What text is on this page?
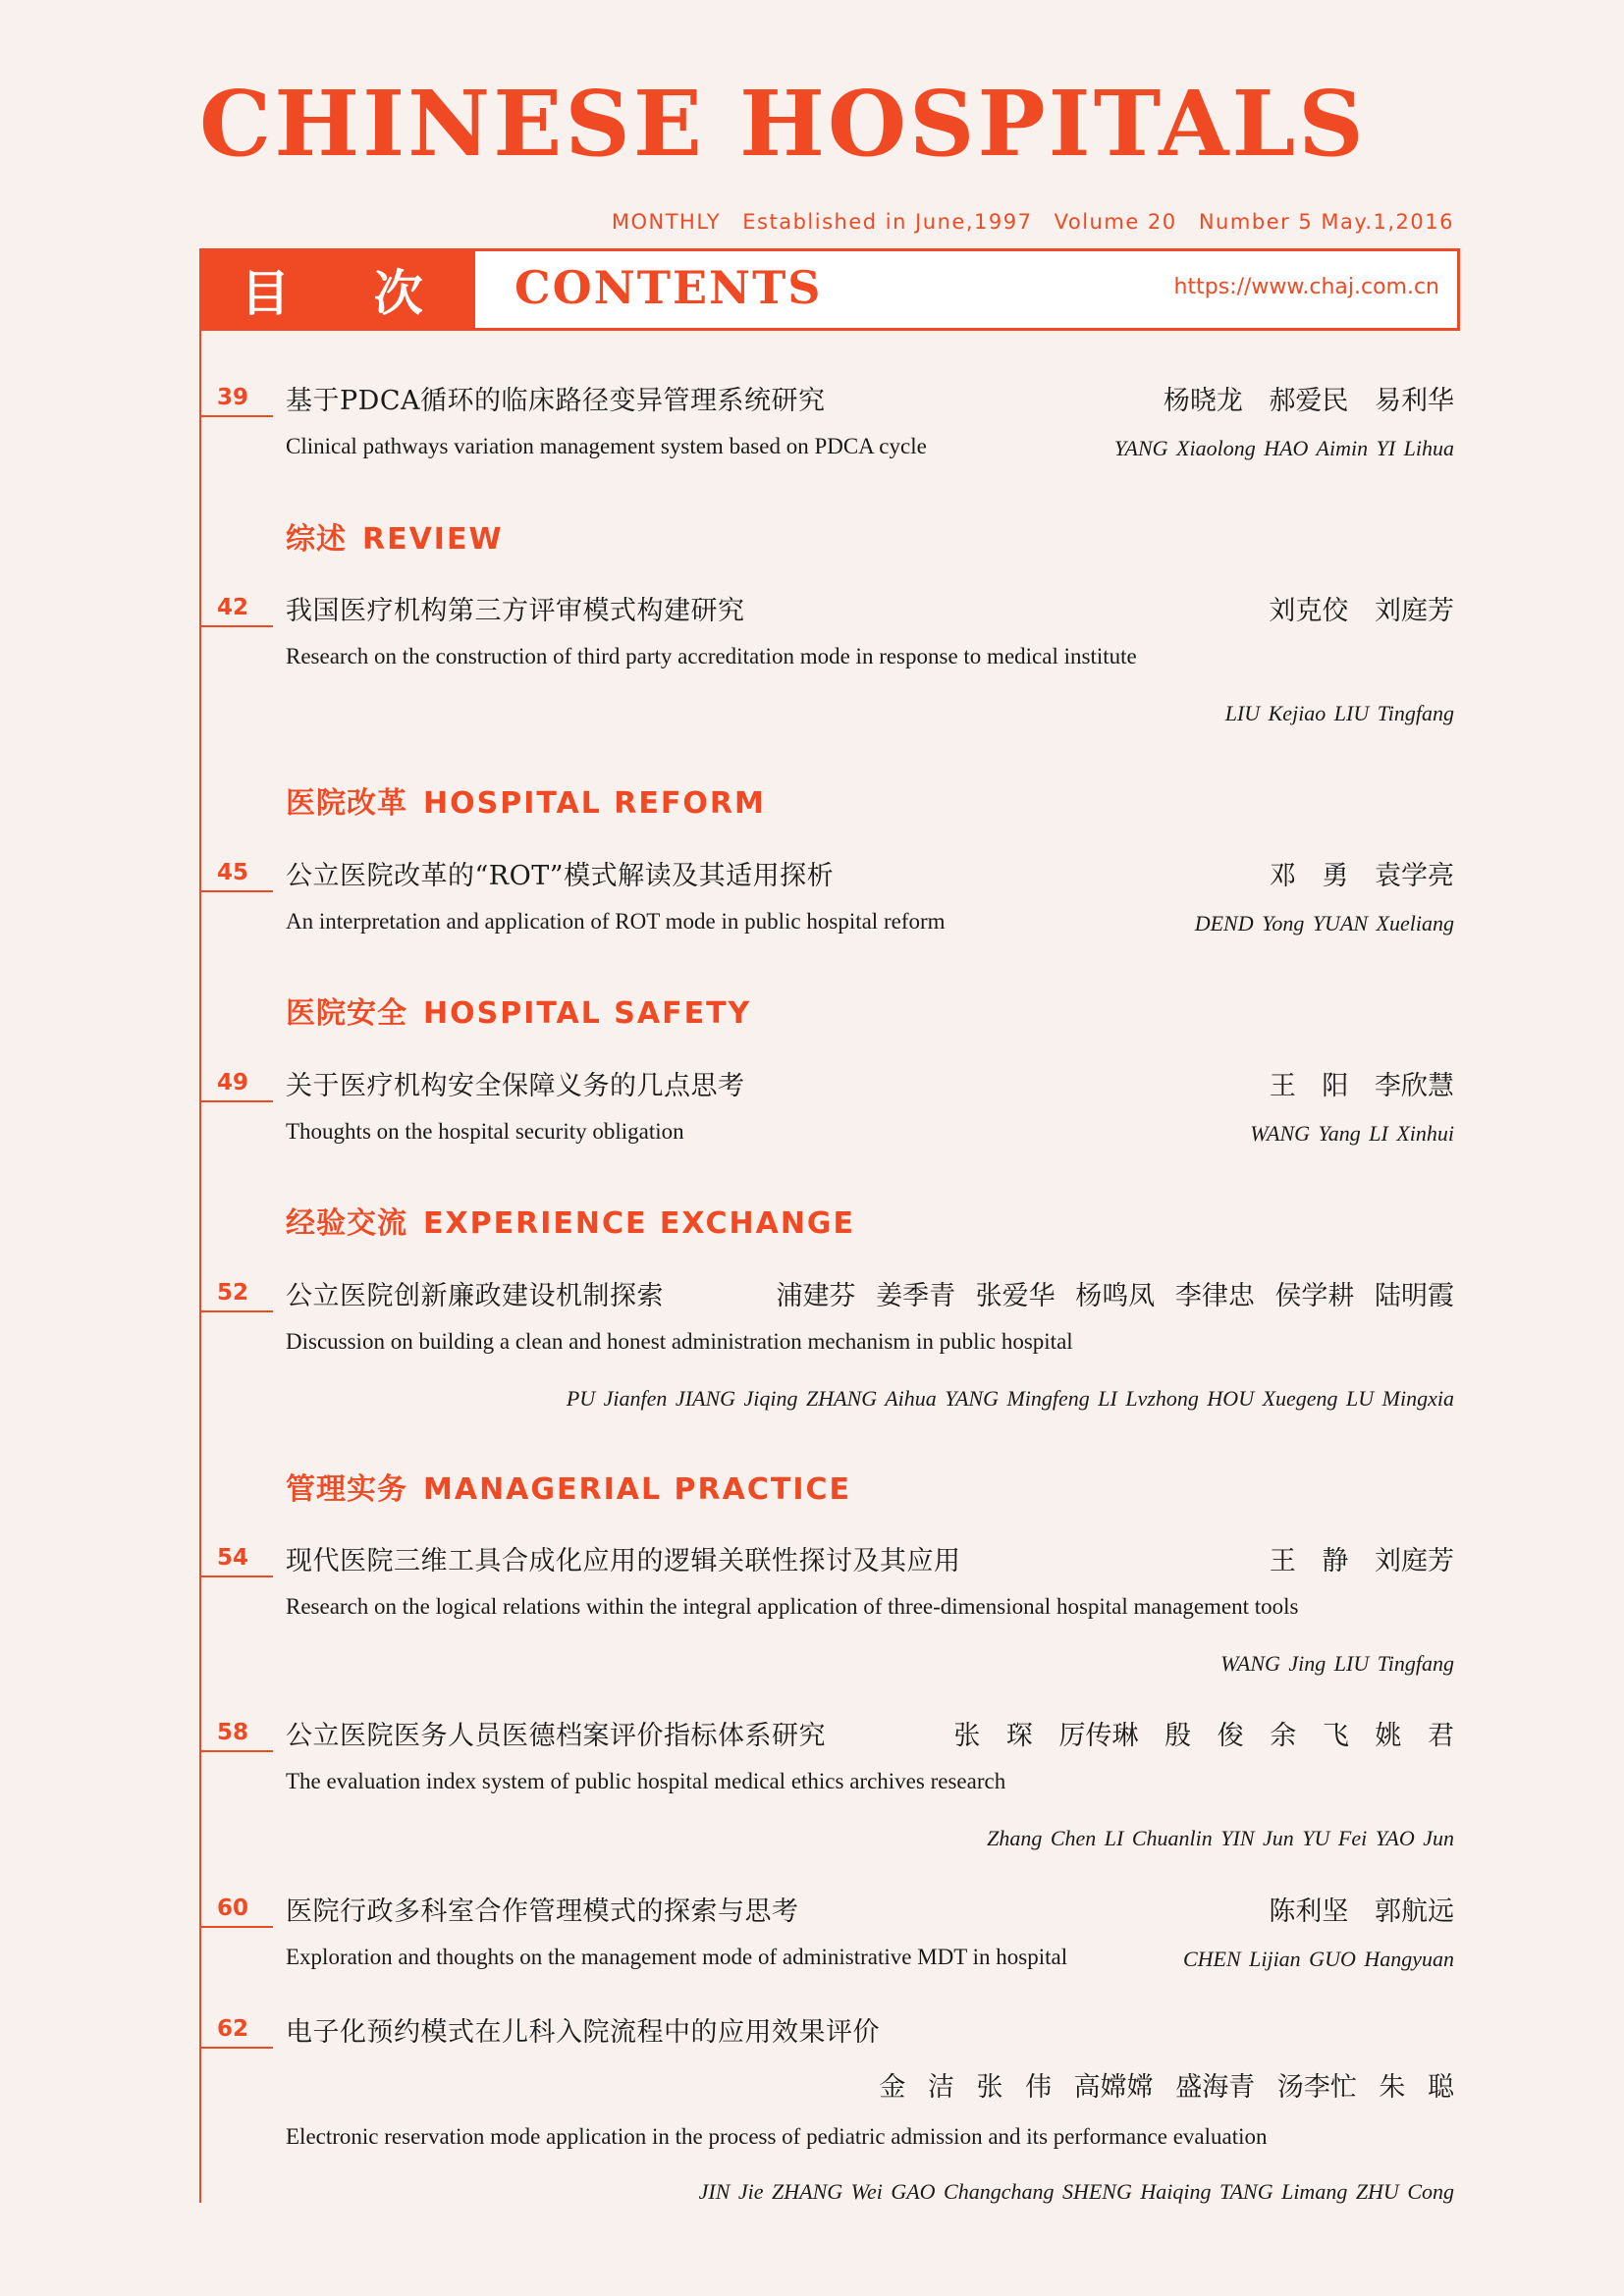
CHINESE HOSPITALS
MONTHLY Established in June,1997 Volume 20 Number 5 May.1,2016
目 次	CONTENTS	https://www.chaj.com.cn
39 基于PDCA循环的临床路径变异管理系统研究	杨晓龙 郝爱民 易利华
Clinical pathways variation management system based on PDCA cycle	YANG Xiaolong HAO Aimin YI Lihua
综述 REVIEW
42 我国医疗机构第三方评审模式构建研究	刘克佼 刘庭芳
Research on the construction of third party accreditation mode in response to medical institute
LIU Kejiao LIU Tingfang
医院改革 HOSPITAL REFORM
45 公立医院改革的“ROT”模式解读及其适用探析	邓 勇 袁学亮
An interpretation and application of ROT mode in public hospital reform	DEND Yong YUAN Xueliang
医院安全 HOSPITAL SAFETY
49 关于医疗机构安全保障义务的几点思考	王 阳 李欣慧
Thoughts on the hospital security obligation	WANG Yang LI Xinhui
经验交流 EXPERIENCE EXCHANGE
52 公立医院创新廉政建设机制探索	浦建芬 姜季青 张爱华 杨鸣凤 李律忠 侯学耕 陆明霞
Discussion on building a clean and honest administration mechanism in public hospital
PU Jianfen JIANG Jiqing ZHANG Aihua YANG Mingfeng LI Lvzhong HOU Xuegeng LU Mingxia
管理实务 MANAGERIAL PRACTICE
54 现代医院三维工具合成化应用的逻辑关联性探讨及其应用	王 静 刘庭芳
Research on the logical relations within the integral application of three-dimensional hospital management tools
WANG Jing LIU Tingfang
58 公立医院医务人员医德档案评价指标体系研究	张 琛 厉传琳 殷 俊 余 飞 姚 君
The evaluation index system of public hospital medical ethics archives research
Zhang Chen LI Chuanlin YIN Jun YU Fei YAO Jun
60 医院行政多科室合作管理模式的探索与思考	陈利坚 郭航远
Exploration and thoughts on the management mode of administrative MDT in hospital	CHEN Lijian GUO Hangyuan
62 电子化预约模式在儿科入院流程中的应用效果评价
金 洁 张 伟 高嫦嫦 盛海青 汤李忙 朱 聪
Electronic reservation mode application in the process of pediatric admission and its performance evaluation
JIN Jie ZHANG Wei GAO Changchang SHENG Haiqing TANG Limang ZHU Cong
